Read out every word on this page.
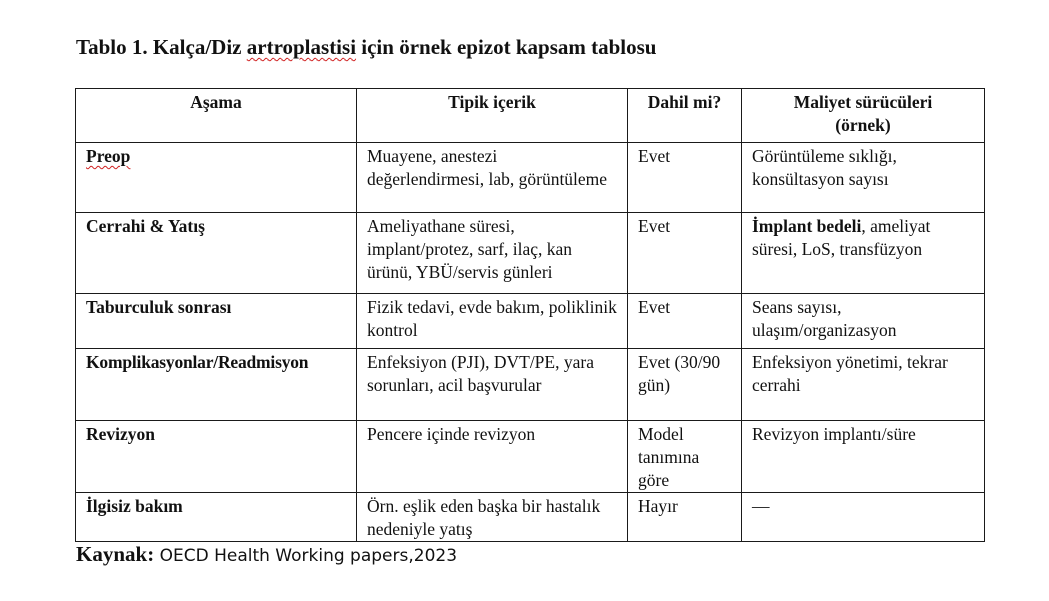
Tablo 1. Kalça/Diz artroplastisi için örnek epizot kapsam tablosu
Aşama	Tipik içerik	Dahil mi?	Maliyet sürücüleri
(örnek)
Preop	Muayene, anestezi değerlendirmesi, lab, görüntüleme	Evet	Görüntüleme sıklığı, konsültasyon sayısı
Cerrahi & Yatış	Ameliyathane süresi, implant/protez, sarf, ilaç, kan ürünü, YBÜ/servis günleri	Evet	İmplant bedeli, ameliyat süresi, LoS, transfüzyon
Taburculuk sonrası	Fizik tedavi, evde bakım, poliklinik kontrol	Evet	Seans sayısı, ulaşım/organizasyon
Komplikasyonlar/Readmisyon	Enfeksiyon (PJI), DVT/PE, yara sorunları, acil başvurular	Evet (30/90 gün)	Enfeksiyon yönetimi, tekrar cerrahi
Revizyon	Pencere içinde revizyon	Model tanımına göre	Revizyon implantı/süre
İlgisiz bakım	Örn. eşlik eden başka bir hastalık nedeniyle yatış	Hayır	—
Kaynak: OECD Health Working papers,2023
